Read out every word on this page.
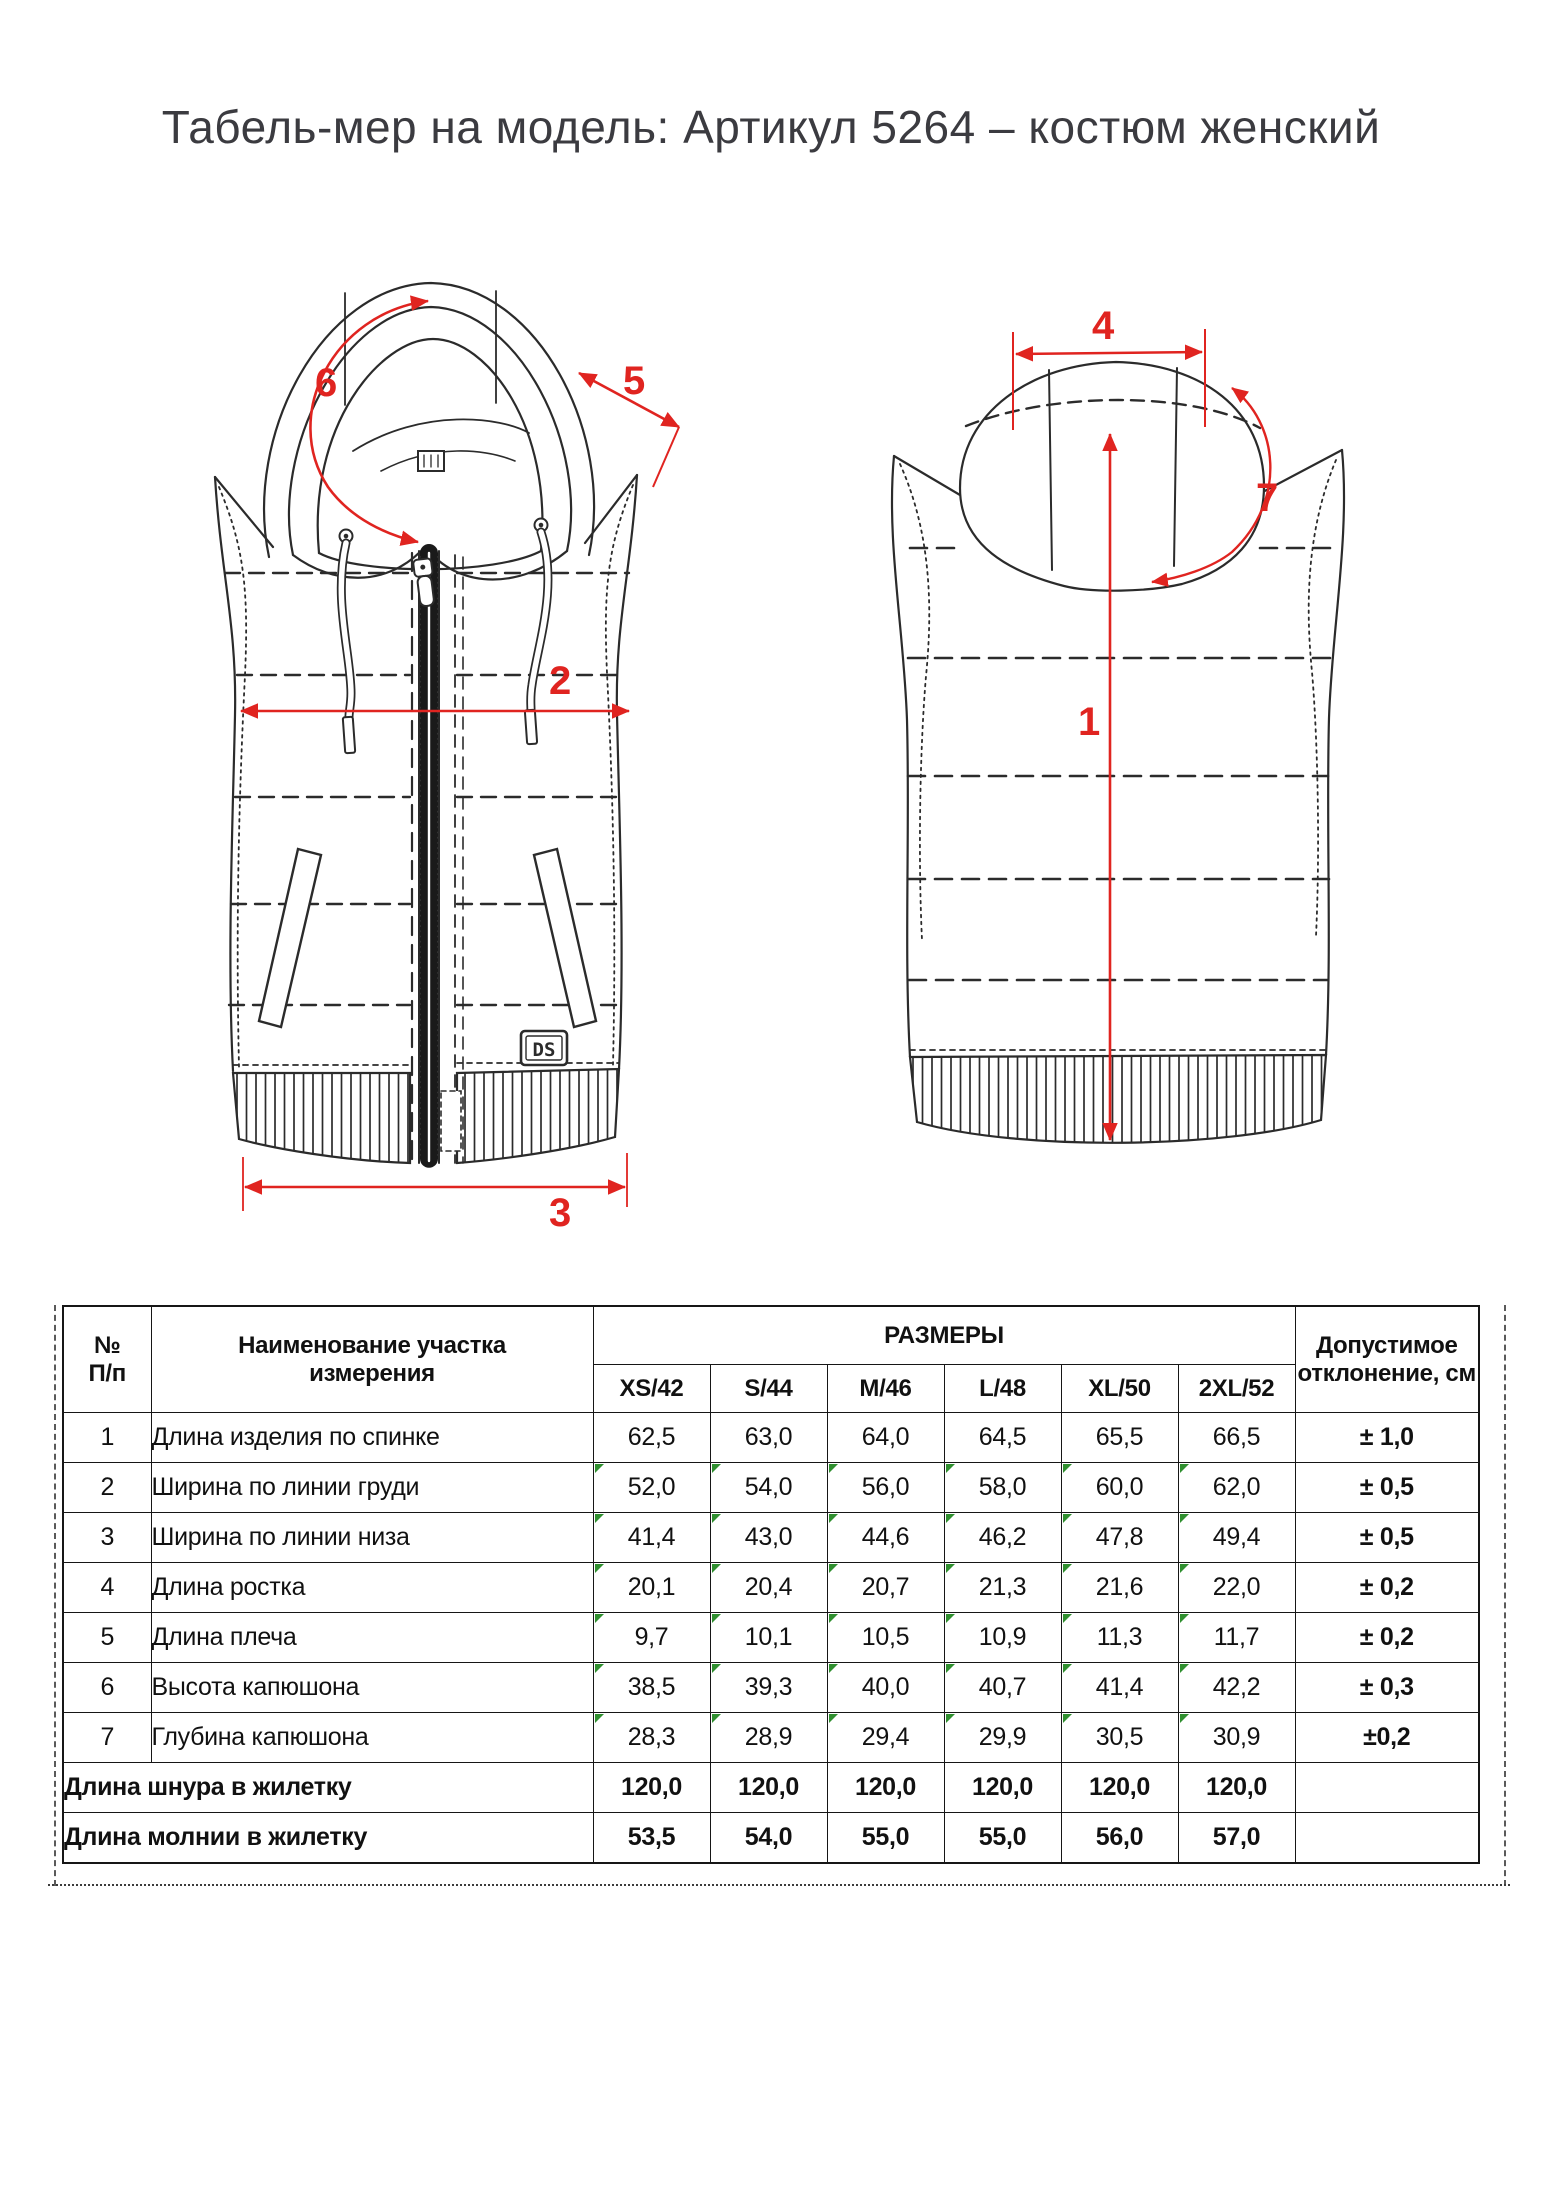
Табель-мер на модель: Артикул 5264 – костюм женский
DS
6	5
2
3
4
7
1
№
П/п	Наименование участка
измерения	РАЗМЕРЫ						Допустимое
отклонение, см
		XS/42	S/44	M/46	L/48	XL/50	2XL/52	
1	Длина изделия по спинке	62,5	63,0	64,0	64,5	65,5	66,5	± 1,0
2	Ширина по линии груди	52,0	54,0	56,0	58,0	60,0	62,0	± 0,5
3	Ширина по линии низа	41,4	43,0	44,6	46,2	47,8	49,4	± 0,5
4	Длина ростка	20,1	20,4	20,7	21,3	21,6	22,0	± 0,2
5	Длина плеча	9,7	10,1	10,5	10,9	11,3	11,7	± 0,2
6	Высота капюшона	38,5	39,3	40,0	40,7	41,4	42,2	± 0,3
7	Глубина капюшона	28,3	28,9	29,4	29,9	30,5	30,9	±0,2
Длина шнура в жилетку		120,0	120,0	120,0	120,0	120,0	120,0	
Длина молнии в жилетку		53,5	54,0	55,0	55,0	56,0	57,0	
